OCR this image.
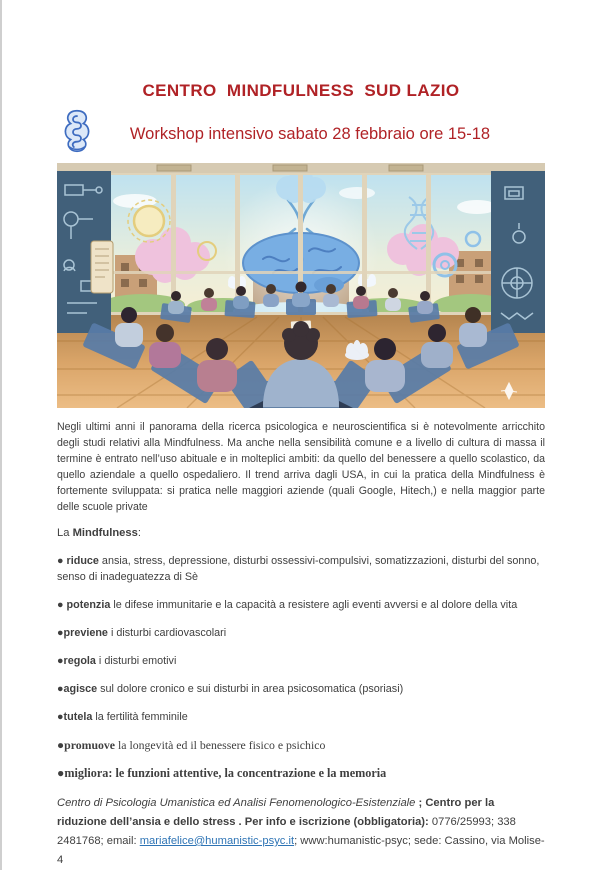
CENTRO  MINDFULNESS  SUD LAZIO

Workshop intensivo sabato 28 febbraio ore 15-18

Negli ultimi anni il panorama della ricerca psicologica e neuroscientifica si è notevolmente arricchito degli studi relativi alla Mindfulness. Ma anche nella sensibilità comune e a livello di cultura di massa il termine è entrato nell’uso abituale e in molteplici ambiti: da quello del benessere a quello scolastico, da quello aziendale a quello ospedaliero. Il trend arriva dagli USA, in cui la pratica della Mindfulness è fortemente sviluppata: si pratica nelle maggiori aziende (quali Google, Hitech,) e nella maggior parte delle scuole private

La Mindfulness:

● riduce ansia, stress, depressione, disturbi ossessivi-compulsivi, somatizzazioni, disturbi del sonno, senso di inadeguatezza di Sè
● potenzia le difese immunitarie e la capacità a resistere agli eventi avversi e al dolore della vita
●previene i disturbi cardiovascolari
●regola i disturbi emotivi
●agisce sul dolore cronico e sui disturbi in area psicosomatica (psoriasi)
●tutela la fertilità femminile
●promuove la longevità ed il benessere fisico e psichico
●migliora: le funzioni attentive, la concentrazione e la memoria

Centro di Psicologia Umanistica ed Analisi Fenomenologico-Esistenziale ; Centro per la riduzione dell’ansia e dello stress . Per info e iscrizione (obbligatoria): 0776/25993; 338 2481768; email: mariafelice@humanistic-psyc.it; www:humanistic-psyc; sede: Cassino, via Molise-4
